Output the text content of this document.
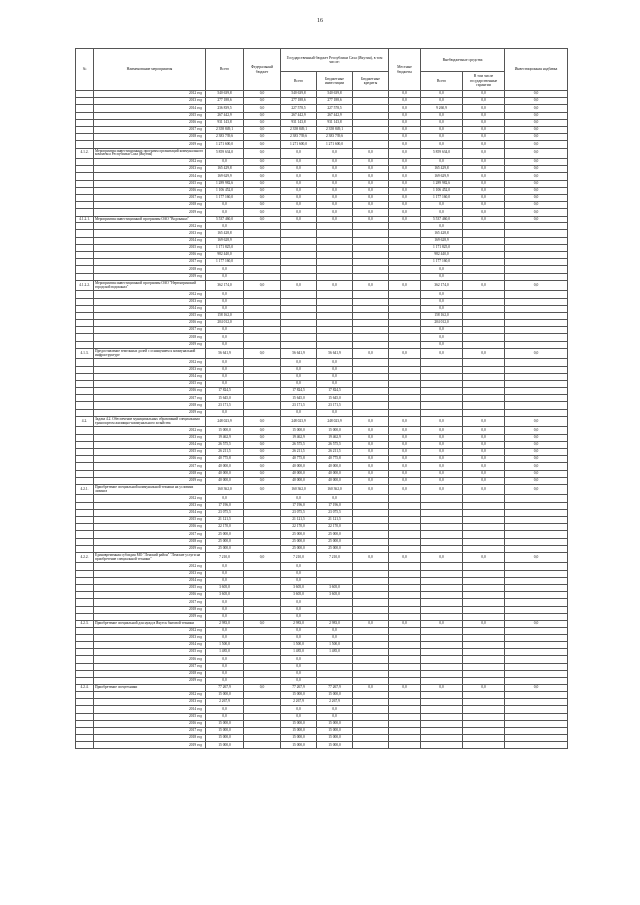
16
№	Наименование мероприятия	Всего	Федеральный бюджет	Государственный бюджет Республики Саха (Якутия), в том числе:			Местные бюджеты	Внебюджетные средства		Инвестиционная надбавка
				Всего	Бюджетные инвестиции	Бюджетные кредиты		Всего	В том числе государственные гарантии	

	2012 год	540 639,8	0,0	540 639,8	540 639,8		0,0	0,0	0,0	0,0
	2013 год	277 188,6	0,0	277 188,6	277 188,6		0,0	0,0	0,0	0,0
	2014 год	236 839,5	0,0	227 578,5	227 578,5		0,0	9 260,9	0,0	0,0
	2015 год	267 442,9	0,0	267 442,9	267 442,9		0,0	0,0	0,0	0,0
	2016 год	931 143,8	0,0	931 143,8	931 143,8		0,0	0,0	0,0	0,0
	2017 год	2 358 849,1	0,0	2 358 849,1	2 358 849,1		0,0	0,0	0,0	0,0
	2018 год	2 383 739,6	0,0	2 383 739,6	2 383 739,6		0,0	0,0	0,0	0,0
	2019 год	1 271 600,0	0,0	1 271 600,0	1 271 600,0		0,0	0,0	0,0	0,0
4.1.2.	Мероприятия инвестиционных программ организаций коммунального комплекса Республики Саха (Якутия)	5 859 634,0	0,0	0,0	0,0	0,0	0,0	5 859 634,0	0,0	0,0
	2012 год	0,0	0,0	0,0	0,0	0,0	0,0	0,0	0,0	0,0
	2013 год	165 429,8	0,0	0,0	0,0	0,0	0,0	165 429,8	0,0	0,0
	2014 год	169 629,9	0,0	0,0	0,0	0,0	0,0	169 629,9	0,0	0,0
	2015 год	1 289 982,6	0,0	0,0	0,0	0,0	0,0	1 289 982,6	0,0	0,0
	2016 год	1 106 452,0	0,0	0,0	0,0	0,0	0,0	1 106 452,0	0,0	0,0
	2017 год	1 177 160,0	0,0	0,0	0,0	0,0	0,0	1 177 160,0	0,0	0,0
	2018 год	0,0	0,0	0,0	0,0	0,0	0,0	0,0	0,0	0,0
	2019 год	0,0	0,0	0,0	0,0	0,0	0,0	0,0	0,0	0,0
4.1.2.1.	Мероприятия инвестиционной программы ОАО "Водоканал"	5 537 460,0	0,0	0,0	0,0	0,0	0,0	5 537 460,0	0,0	0,0
	2012 год	0,0						0,0		
	2013 год	165 428,8						165 428,8		
	2014 год	169 628,9						169 628,9		
	2015 год	1 171 825,0						1 171 825,0		
	2016 год	982 440,0						982 440,0		
	2017 год	1 177 160,0						1 177 160,0		
	2018 год	0,0						0,0		
	2019 год	0,0						0,0		
4.1.2.2.	Мероприятия инвестиционной программы ОАО "Нерюнгринский городской водоканал"	362 174,0	0,0	0,0	0,0	0,0	0,0	362 174,0	0,0	0,0
	2012 год	0,0						0,0		
	2013 год	0,0						0,0		
	2014 год	0,0						0,0		
	2015 год	158 162,0						158 162,0		
	2016 год	204 012,0						204 012,0		
	2017 год	0,0						0,0		
	2018 год	0,0						0,0		
	2019 год	0,0						0,0		
4.1.3.	Предоставление земельных долей с оснащением к коммунальной инфраструктуре	56 641,9	0,0	56 641,9	56 641,9	0,0	0,0	0,0	0,0	0,0
	2012 год	0,0		0,0	0,0					
	2013 год	0,0		0,0	0,0					
	2014 год	0,0		0,0	0,0					
	2015 год	0,0		0,0	0,0					
	2016 год	17 824,5		17 824,5	17 824,5					
	2017 год	15 645,0		15 645,0	15 645,0					
	2018 год	23 171,5		23 171,5	23 171,5					
	2019 год	0,0		0,0	0,0					
4.2.	Задача 4.2. Обеспечение муниципальных образований специальным транспортом жилищно-коммунального хозяйства	248 023,9	0,0	248 023,9	248 023,9	0,0	0,0	0,0	0,0	0,0
	2012 год	15 000,0	0,0	15 000,0	15 000,0	0,0	0,0	0,0	0,0	0,0
	2013 год	19 462,9	0,0	19 462,9	19 462,9	0,0	0,0	0,0	0,0	0,0
	2014 год	26 575,5	0,0	26 575,5	26 575,5	0,0	0,0	0,0	0,0	0,0
	2015 год	26 211,5	0,0	26 211,5	26 211,5	0,0	0,0	0,0	0,0	0,0
	2016 год	40 775,8	0,0	40 775,8	40 775,8	0,0	0,0	0,0	0,0	0,0
	2017 год	40 000,0	0,0	40 000,0	40 000,0	0,0	0,0	0,0	0,0	0,0
	2018 год	40 000,0	0,0	40 000,0	40 000,0	0,0	0,0	0,0	0,0	0,0
	2019 год	40 000,0	0,0	40 000,0	40 000,0	0,0	0,0	0,0	0,0	0,0
4.2.1.	Приобретение специальной коммунальной техники на условиях лизинга	160 362,0	0,0	160 362,0	160 362,0	0,0	0,0	0,0	0,0	0,0
	2012 год	0,0		0,0	0,0					
	2013 год	17 196,0		17 196,0	17 196,0					
	2014 год	23 075,5		23 075,5	23 075,5					
	2015 год	21 121,5		21 121,5	21 121,5					
	2016 год	22 170,0		22 170,0	22 170,0					
	2017 год	25 000,0		25 000,0	25 000,0					
	2018 год	25 000,0		25 000,0	25 000,0					
	2019 год	25 000,0		25 000,0	25 000,0					
4.2.2.	Единовременная субсидия МО "Ленский район" "Ленские услуги на приобретение специальной техники"	7 210,0	0,0	7 210,0	7 210,0	0,0	0,0	0,0	0,0	0,0
	2012 год	0,0		0,0						
	2013 год	0,0		0,0						
	2014 год	0,0		0,0						
	2015 год	3 605,0		3 605,0	3 605,0					
	2016 год	3 605,0		3 605,0	3 605,0					
	2017 год	0,0		0,0						
	2018 год	0,0		0,0						
	2019 год	0,0		0,0						
4.2.3.	Приобретение специальной для нужд в Якутск бытовой техники	2 983,0	0,0	2 983,0	2 983,0	0,0	0,0	0,0	0,0	0,0
	2012 год	0,0		0,0	0,0					
	2013 год	0,0		0,0	0,0					
	2014 год	1 500,0		1 500,0	1 500,0					
	2015 год	1 485,0		1 485,0	1 485,0					
	2016 год	0,0		0,0						
	2017 год	0,0		0,0						
	2018 год	0,0		0,0						
	2019 год	0,0		0,0						
4.2.4.	Приобретение спецтехники	77 267,9	0,0	77 267,9	77 267,9	0,0	0,0	0,0	0,0	0,0
	2012 год	15 000,0		15 000,0	15 000,0					
	2013 год	2 267,9		2 267,9	2 267,9					
	2014 год	0,0		0,0	0,0					
	2015 год	0,0		0,0	0,0					
	2016 год	15 000,0		15 000,0	15 000,0					
	2017 год	15 000,0		15 000,0	15 000,0					
	2018 год	15 000,0		15 000,0	15 000,0					
	2019 год	15 000,0		15 000,0	15 000,0					
